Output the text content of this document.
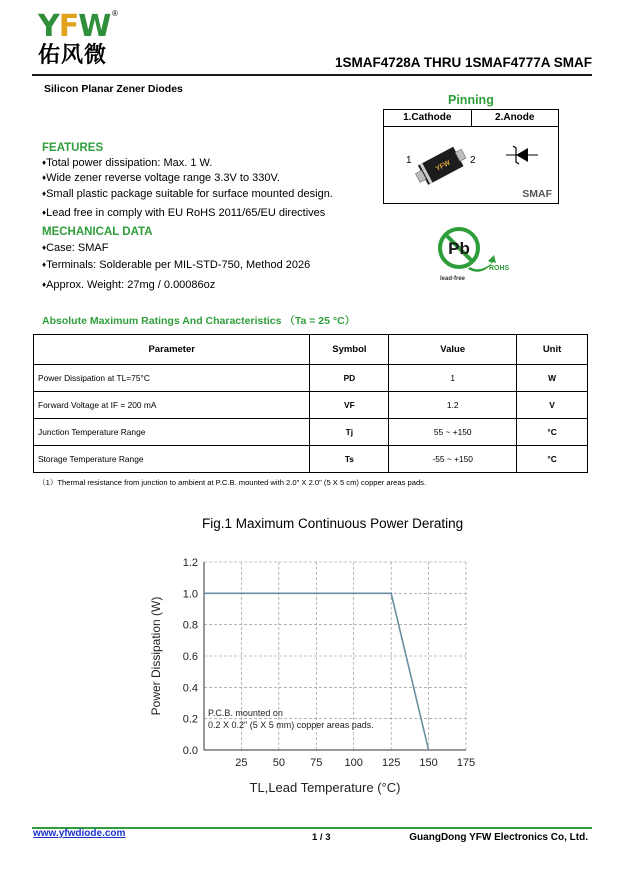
YFW ®
佑风微	1SMAF4728A THRU 1SMAF4777A SMAF
Silicon Planar Zener Diodes
Pinning
1.Cathode	2.Anode
1	YFW 2
SMAF
FEATURES
♦Total power dissipation: Max. 1 W.
♦Wide zener reverse voltage range 3.3V to 330V.
♦Small plastic package suitable for surface mounted design.
♦Lead free in comply with EU RoHS 2011/65/EU directives
MECHANICAL DATA
♦Case: SMAF
♦Terminals: Solderable per MIL-STD-750, Method 2026
♦Approx. Weight: 27mg / 0.00086oz
Pb
ROHS
lead-free
Absolute Maximum Ratings And Characteristics （Ta = 25 °C）
Parameter	Symbol	Value	Unit
Power Dissipation at TL=75°C	PD	1	W
Forward Voltage at IF = 200 mA	VF	1.2	V
Junction Temperature Range	Tj	55 ~ +150	°C
Storage Temperature Range	Ts	-55 ~ +150	°C
（1）Thermal resistance from junction to ambient at P.C.B. mounted with 2.0" X 2.0" (5 X 5 cm) copper areas pads.
Fig.1 Maximum Continuous Power Derating
0.0
0.2
0.4
0.6
0.8
1.0
1.2
25 50 75 100 125 150 175
P.C.B. mounted on
0.2 X 0.2" (5 X 5 mm) copper areas pads.
Power Dissipation (W)
TL,Lead Temperature (°C)
www.yfwdiode.com	1 / 3	GuangDong YFW Electronics Co, Ltd.
